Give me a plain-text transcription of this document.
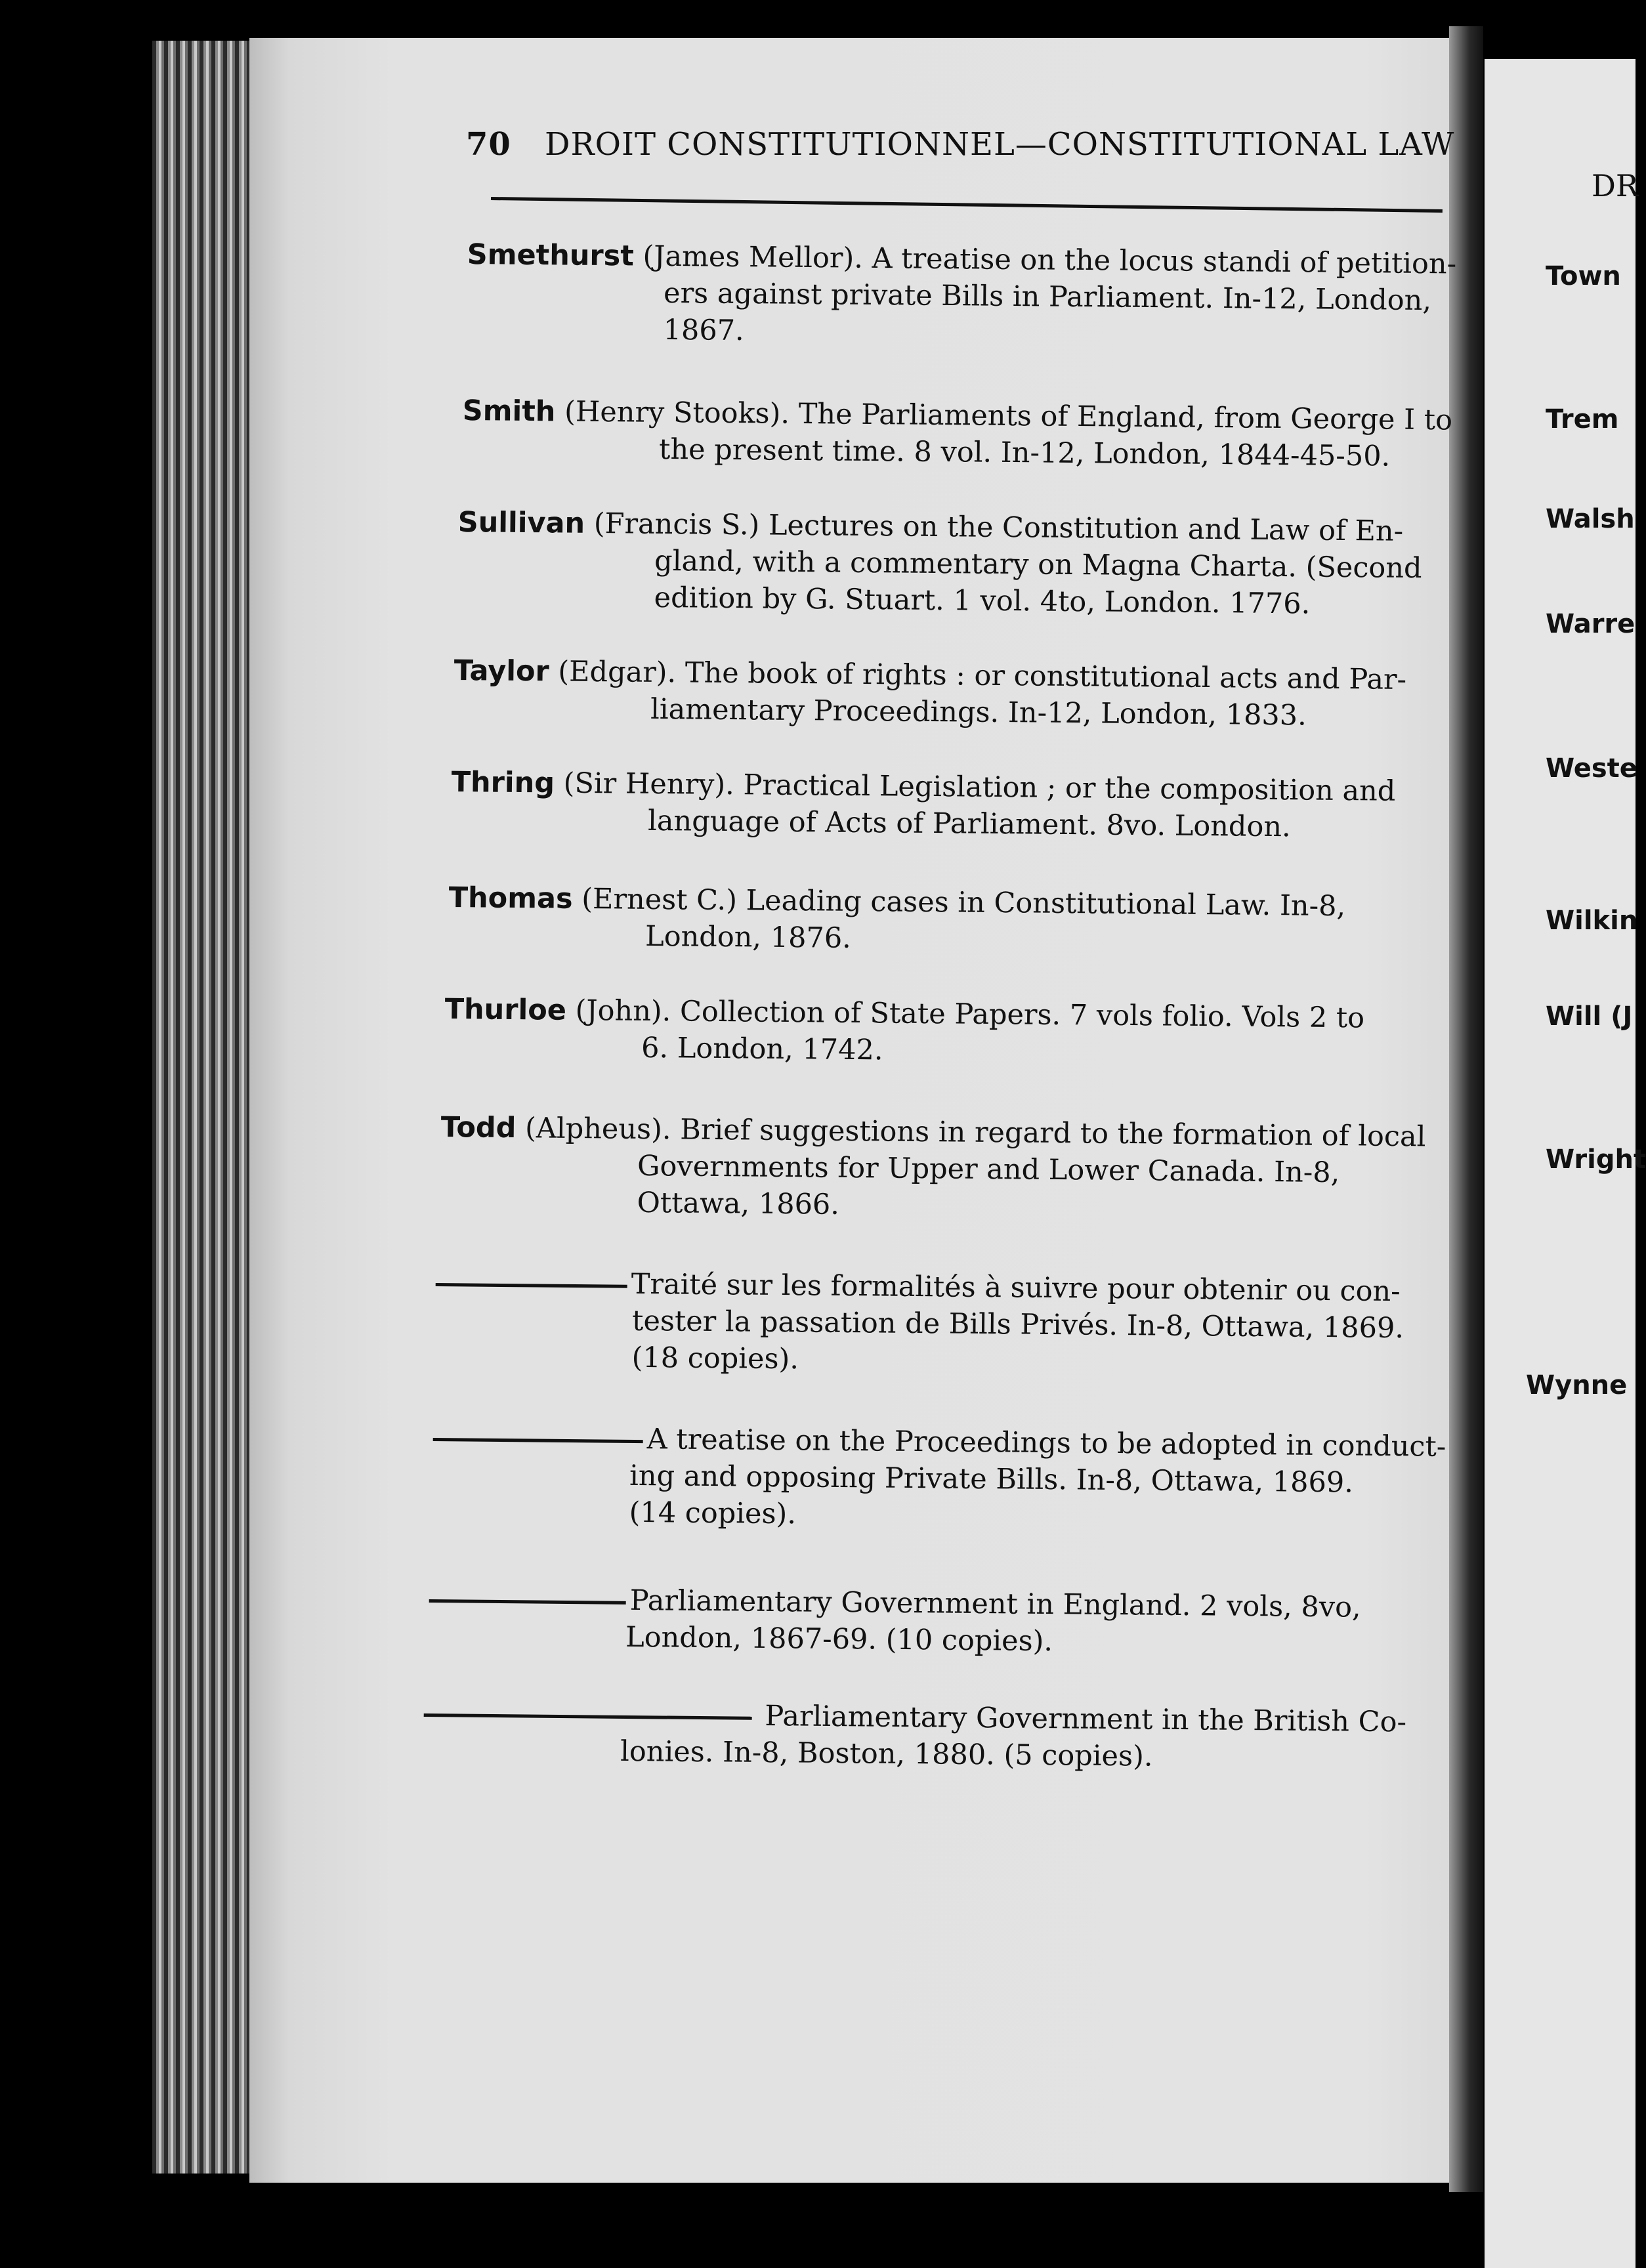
70 DROIT CONSTITUTIONNEL—CONSTITUTIONAL LAW
Smethurst (James Mellor). A treatise on the locus standi of petition-
ers against private Bills in Parliament. In-12, London,
1867.
Smith (Henry Stooks). The Parliaments of England, from George I to
the present time. 8 vol. In-12, London, 1844-45-50.
Sullivan (Francis S.) Lectures on the Constitution and Law of En-
gland, with a commentary on Magna Charta. (Second
edition by G. Stuart. 1 vol. 4to, London. 1776.
Taylor (Edgar). The book of rights : or constitutional acts and Par-
liamentary Proceedings. In-12, London, 1833.
Thring (Sir Henry). Practical Legislation ; or the composition and
language of Acts of Parliament. 8vo. London.
Thomas (Ernest C.) Leading cases in Constitutional Law. In-8,
London, 1876.
Thurloe (John). Collection of State Papers. 7 vols folio. Vols 2 to
6. London, 1742.
Todd (Alpheus). Brief suggestions in regard to the formation of local
Governments for Upper and Lower Canada. In-8,
Ottawa, 1866.
Traité sur les formalités à suivre pour obtenir ou con-
tester la passation de Bills Privés. In-8, Ottawa, 1869.
(18 copies).
A treatise on the Proceedings to be adopted in conduct-
ing and opposing Private Bills. In-8, Ottawa, 1869.
(14 copies).
Parliamentary Government in England. 2 vols, 8vo,
London, 1867-69. (10 copies).
Parliamentary Government in the British Co-
lonies. In-8, Boston, 1880. (5 copies).
DR
Town
Trem
Walsh
Warre
Weste
Wilkin
Will (J
Wright
Wynne
